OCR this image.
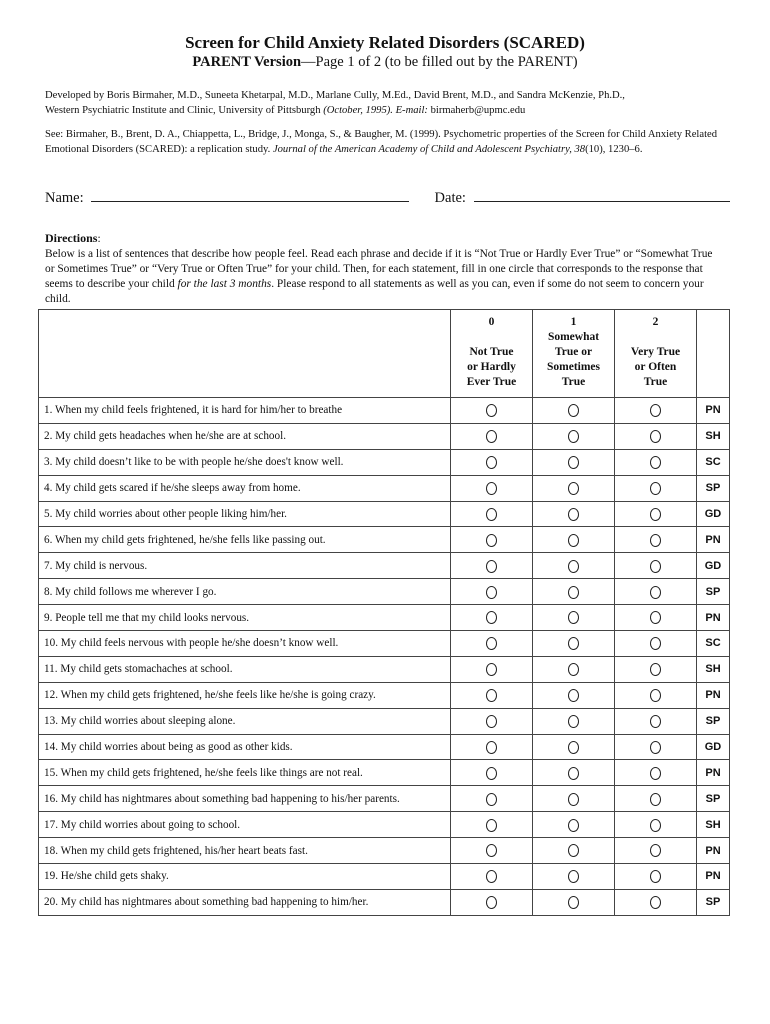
Screen for Child Anxiety Related Disorders (SCARED)
PARENT Version—Page 1 of 2 (to be filled out by the PARENT)
Developed by Boris Birmaher, M.D., Suneeta Khetarpal, M.D., Marlane Cully, M.Ed., David Brent, M.D., and Sandra McKenzie, Ph.D.,
Western Psychiatric Institute and Clinic, University of Pittsburgh (October, 1995). E-mail: birmaherb@upmc.edu
See: Birmaher, B., Brent, D. A., Chiappetta, L., Bridge, J., Monga, S., & Baugher, M. (1999). Psychometric properties of the Screen for Child Anxiety Related Emotional Disorders (SCARED): a replication study. Journal of the American Academy of Child and Adolescent Psychiatry, 38(10), 1230–6.
Name:	Date:
Directions:
Below is a list of sentences that describe how people feel. Read each phrase and decide if it is “Not True or Hardly Ever True” or “Somewhat True or Sometimes True” or “Very True or Often True” for your child. Then, for each statement, fill in one circle that corresponds to the response that seems to describe your child for the last 3 months. Please respond to all statements as well as you can, even if some do not seem to concern your child.

	0
Not True
or Hardly
Ever True	1
Somewhat
True or
Sometimes
True	2
Very True
or Often
True	

1. When my child feels frightened, it is hard for him/her to breathe				PN
2. My child gets headaches when he/she are at school.				SH
3. My child doesn’t like to be with people he/she does't know well.				SC
4. My child gets scared if he/she sleeps away from home.				SP
5. My child worries about other people liking him/her.				GD
6. When my child gets frightened, he/she fells like passing out.				PN
7. My child is nervous.				GD
8. My child follows me wherever I go.				SP
9. People tell me that my child looks nervous.				PN
10. My child feels nervous with people he/she doesn’t know well.				SC
11. My child gets stomachaches at school.				SH
12. When my child gets frightened, he/she feels like he/she is going crazy.				PN
13. My child worries about sleeping alone.				SP
14. My child worries about being as good as other kids.				GD
15. When my child gets frightened, he/she feels like things are not real.				PN
16. My child has nightmares about something bad happening to his/her parents.				SP
17. My child worries about going to school.				SH
18. When my child gets frightened, his/her heart beats fast.				PN
19. He/she child gets shaky.				PN
20. My child has nightmares about something bad happening to him/her.				SP
